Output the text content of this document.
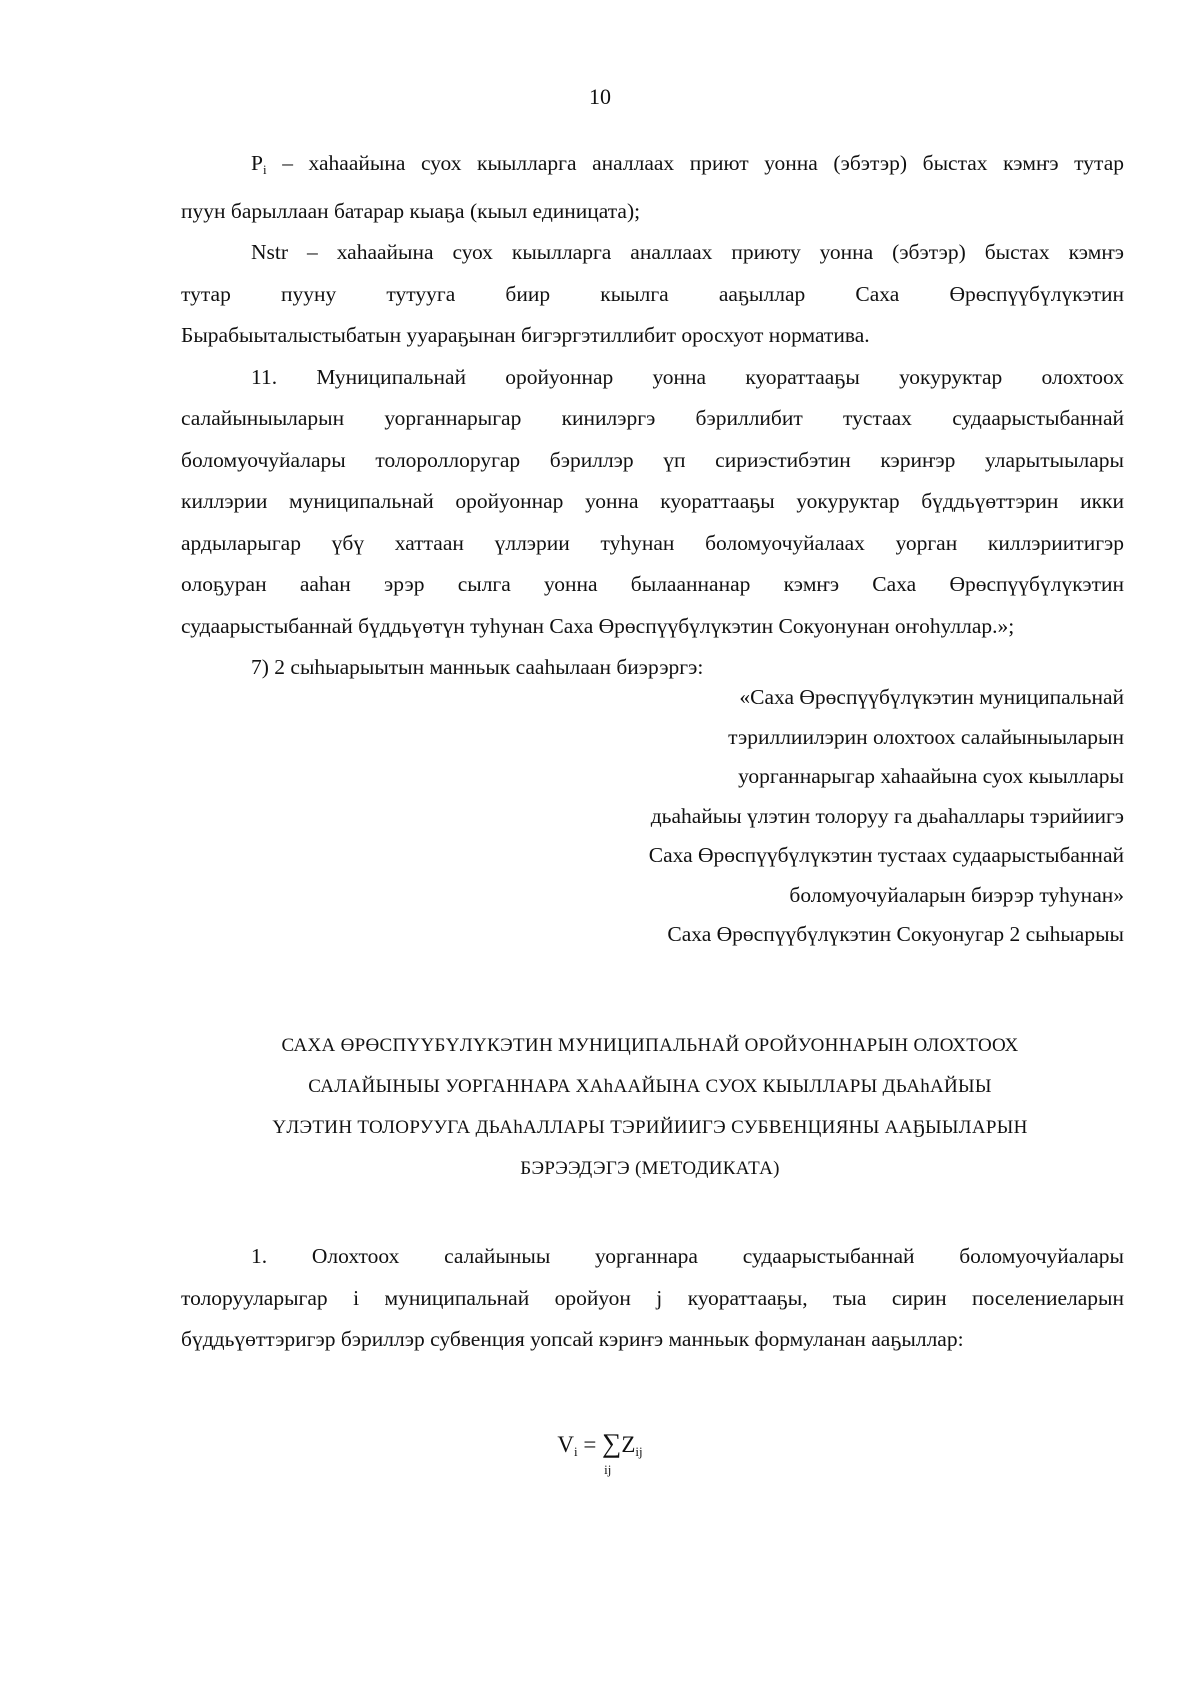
10
$P_i$ – хаhаайына суох кыылларга аналлаах приют уонна (эбэтэр) быстах кэмҥэ тутар
пуун барыллаан батарар кыаҕа (кыыл единицата);
Nstr – хаhаайына суох кыылларга аналлаах приюту уонна (эбэтэр) быстах кэмҥэ
тутар пууну тутууга биир кыылга ааҕыллар Саха Өрөспүүбүлүкэтин
Бырабыыталыстыбатын ууараҕынан бигэргэтиллибит оросхуот норматива.
11. Муниципальнай оройуоннар уонна куораттааҕы уокуруктар олохтоох
салайыныыларын уорганнарыгар кинилэргэ бэриллибит тустаах судаарыстыбаннай
боломуочуйалары толороллоругар бэриллэр үп сириэстибэтин кэриҥэр уларытыылары
киллэрии муниципальнай оройуоннар уонна куораттааҕы уокуруктар бүддьүөттэрин икки
ардыларыгар үбү хаттаан үллэрии туhунан боломуочуйалаах уорган киллэриитигэр
олоҕуран ааhан эрэр сылга уонна былааннанар кэмҥэ Саха Өрөспүүбүлүкэтин
судаарыстыбаннай бүддьүөтүн туhунан Саха Өрөспүүбүлүкэтин Сокуонунан оҥоhуллар.»;
7) 2 сыhыарыытын манньык сааhылаан биэрэргэ:
«Саха Өрөспүүбүлүкэтин муниципальнай
тэриллиилэрин олохтоох салайыныыларын
уорганнарыгар хаhаайына суох кыыллары
дьаhайыы үлэтин толоруу га дьаhаллары тэрийиигэ
Саха Өрөспүүбүлүкэтин тустаах судаарыстыбаннай
боломуочуйаларын биэрэр туhунан»
Саха Өрөспүүбүлүкэтин Сокуонугар 2 сыhыарыы
САХА ӨРӨСПҮҮБҮЛҮКЭТИН МУНИЦИПАЛЬНАЙ ОРОЙУОННАРЫН ОЛОХТООХ
САЛАЙЫНЫЫ УОРГАННАРА ХАhААЙЫНА СУОХ КЫЫЛЛАРЫ ДЬАhАЙЫЫ
ҮЛЭТИН ТОЛОРУУГА ДЬАhАЛЛАРЫ ТЭРИЙИИГЭ СУБВЕНЦИЯНЫ ААҔЫЫЛАРЫН
БЭРЭЭДЭГЭ (МЕТОДИКАТА)
1. Олохтоох салайыныы уорганнара судаарыстыбаннай боломуочуйалары
толорууларыгар i муниципальнай оройуон j куораттааҕы, тыа сирин поселениеларын
бүддьүөттэригэр бэриллэр субвенция уопсай кэриҥэ манньык формуланан ааҕыллар:
$V_i$ = ∑
ij
$Z_{ij}$
